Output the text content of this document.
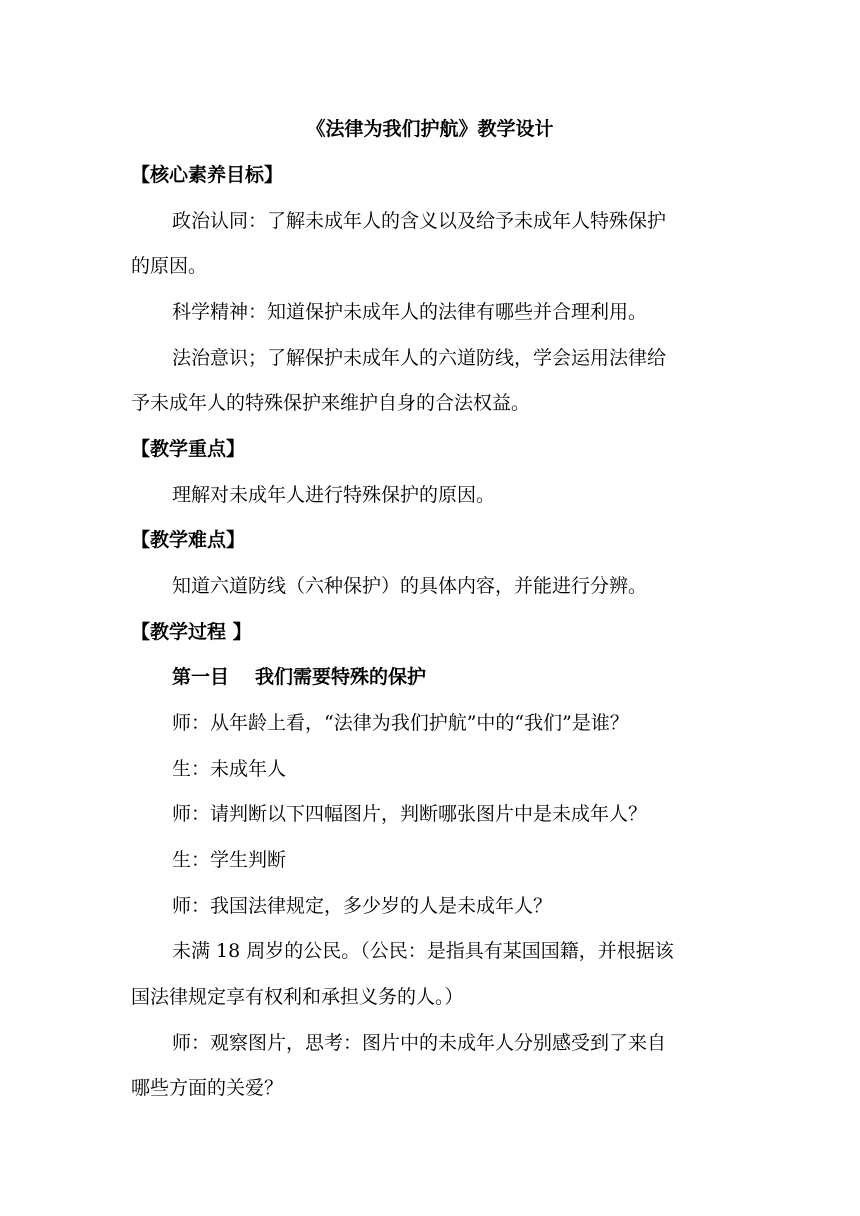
《法律为我们护航》教学设计
【核心素养目标】
政治认同：了解未成年人的含义以及给予未成年人特殊保护
的原因。
科学精神：知道保护未成年人的法律有哪些并合理利用。
法治意识；了解保护未成年人的六道防线，学会运用法律给
予未成年人的特殊保护来维护自身的合法权益。
【教学重点】
理解对未成年人进行特殊保护的原因。
【教学难点】
知道六道防线（六种保护）的具体内容，并能进行分辨。
【教学过程 】
第一目 我们需要特殊的保护
师：从年龄上看，“法律为我们护航”中的“我们”是谁？
生：未成年人
师：请判断以下四幅图片，判断哪张图片中是未成年人？
生：学生判断
师：我国法律规定，多少岁的人是未成年人？
未满 18 周岁的公民。（公民：是指具有某国国籍，并根据该
国法律规定享有权利和承担义务的人。）
师：观察图片，思考：图片中的未成年人分别感受到了来自
哪些方面的关爱？
